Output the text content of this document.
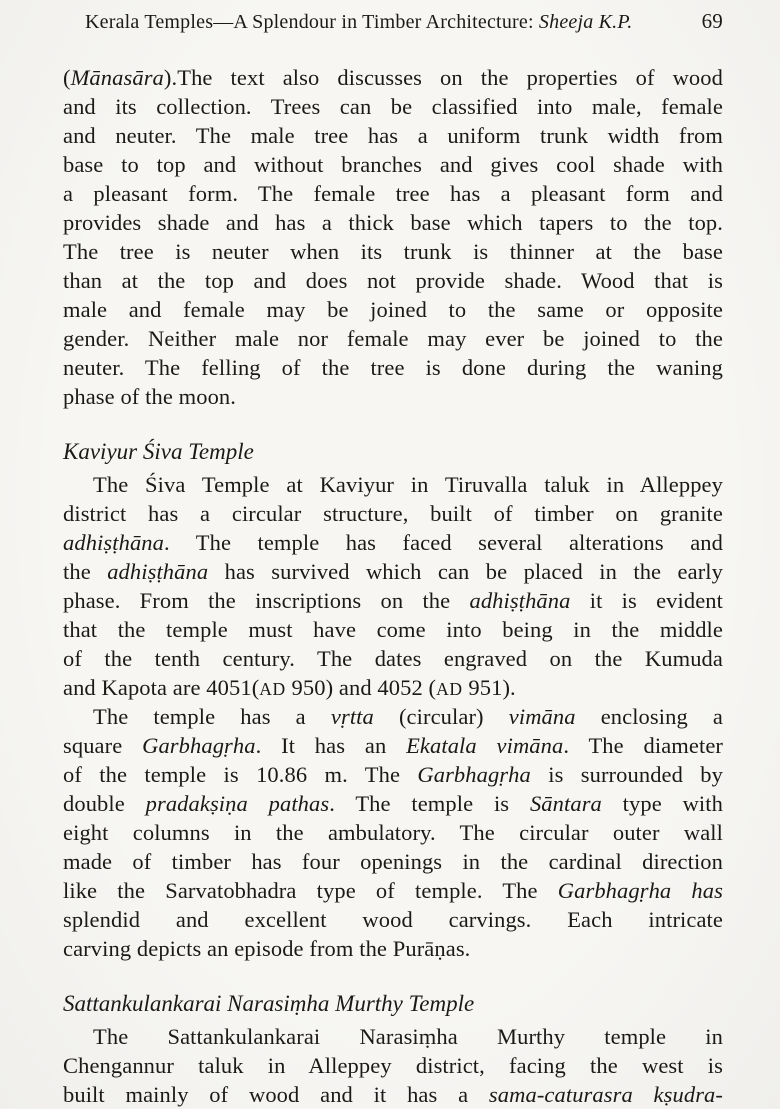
Kerala Temples—A Splendour in Timber Architecture: Sheeja K.P.	69
(Mānasāra).The text also discusses on the properties of wood
and its collection. Trees can be classified into male, female
and neuter. The male tree has a uniform trunk width from
base to top and without branches and gives cool shade with
a pleasant form. The female tree has a pleasant form and
provides shade and has a thick base which tapers to the top.
The tree is neuter when its trunk is thinner at the base
than at the top and does not provide shade. Wood that is
male and female may be joined to the same or opposite
gender. Neither male nor female may ever be joined to the
neuter. The felling of the tree is done during the waning
phase of the moon.
Kaviyur Śiva Temple
The Śiva Temple at Kaviyur in Tiruvalla taluk in Alleppey
district has a circular structure, built of timber on granite
adhiṣṭhāna. The temple has faced several alterations and
the adhiṣṭhāna has survived which can be placed in the early
phase. From the inscriptions on the adhiṣṭhāna it is evident
that the temple must have come into being in the middle
of the tenth century. The dates engraved on the Kumuda
and Kapota are 4051(AD 950) and 4052 (AD 951).
The temple has a vṛtta (circular) vimāna enclosing a
square Garbhagṛha. It has an Ekatala vimāna. The diameter
of the temple is 10.86 m. The Garbhagṛha is surrounded by
double pradakṣiṇa pathas. The temple is Sāntara type with
eight columns in the ambulatory. The circular outer wall
made of timber has four openings in the cardinal direction
like the Sarvatobhadra type of temple. The Garbhagṛha has
splendid and excellent wood carvings. Each intricate
carving depicts an episode from the Purāṇas.
Sattankulankarai Narasiṃha Murthy Temple
The Sattankulankarai Narasiṃha Murthy temple in
Chengannur taluk in Alleppey district, facing the west is
built mainly of wood and it has a sama-caturasra kṣudra-
